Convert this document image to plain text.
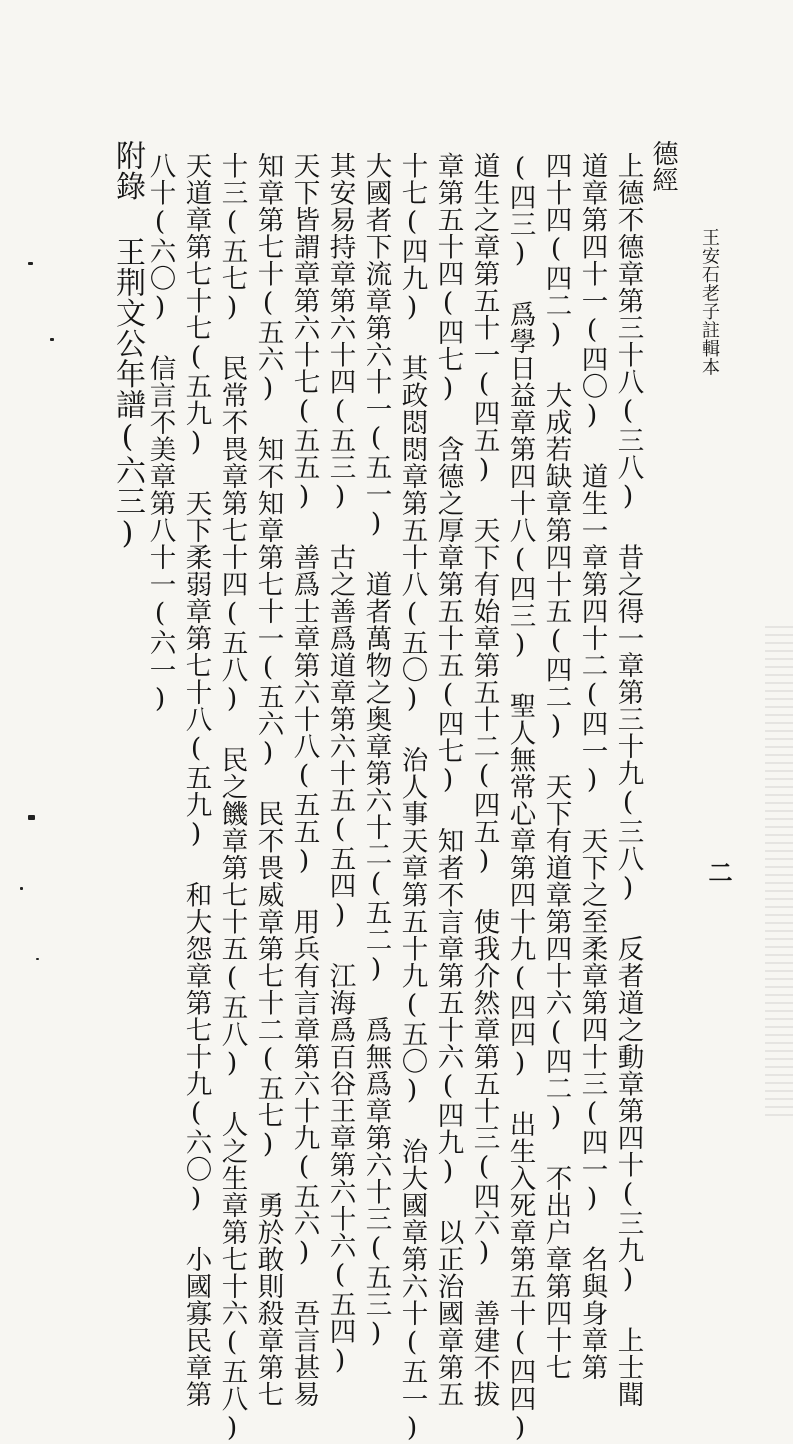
王安石老子註輯本
二
德經
上德不德章第三十八(三八) 昔之得一章第三十九(三八) 反者道之動章第四十(三九) 上士聞
道章第四十一(四〇) 道生一章第四十二(四一) 天下之至柔章第四十三(四一) 名與身章第
四十四(四二) 大成若缺章第四十五(四二) 天下有道章第四十六(四二) 不出户章第四十七
(四三) 爲學日益章第四十八(四三) 聖人無常心章第四十九(四四) 出生入死章第五十(四四)
道生之章第五十一(四五) 天下有始章第五十二(四五) 使我介然章第五十三(四六) 善建不拔
章第五十四(四七) 含德之厚章第五十五(四七) 知者不言章第五十六(四九) 以正治國章第五
十七(四九) 其政悶悶章第五十八(五〇) 治人事天章第五十九(五〇) 治大國章第六十(五一)
大國者下流章第六十一(五一) 道者萬物之奥章第六十二(五二) 爲無爲章第六十三(五三)
其安易持章第六十四(五三) 古之善爲道章第六十五(五四) 江海爲百谷王章第六十六(五四)
天下皆謂章第六十七(五五) 善爲士章第六十八(五五) 用兵有言章第六十九(五六) 吾言甚易
知章第七十(五六) 知不知章第七十一(五六) 民不畏威章第七十二(五七) 勇於敢則殺章第七
十三(五七) 民常不畏章第七十四(五八) 民之饑章第七十五(五八) 人之生章第七十六(五八)
天道章第七十七(五九) 天下柔弱章第七十八(五九) 和大怨章第七十九(六〇) 小國寡民章第
八十(六〇) 信言不美章第八十一(六一)
附錄 王荆文公年譜(六三)
